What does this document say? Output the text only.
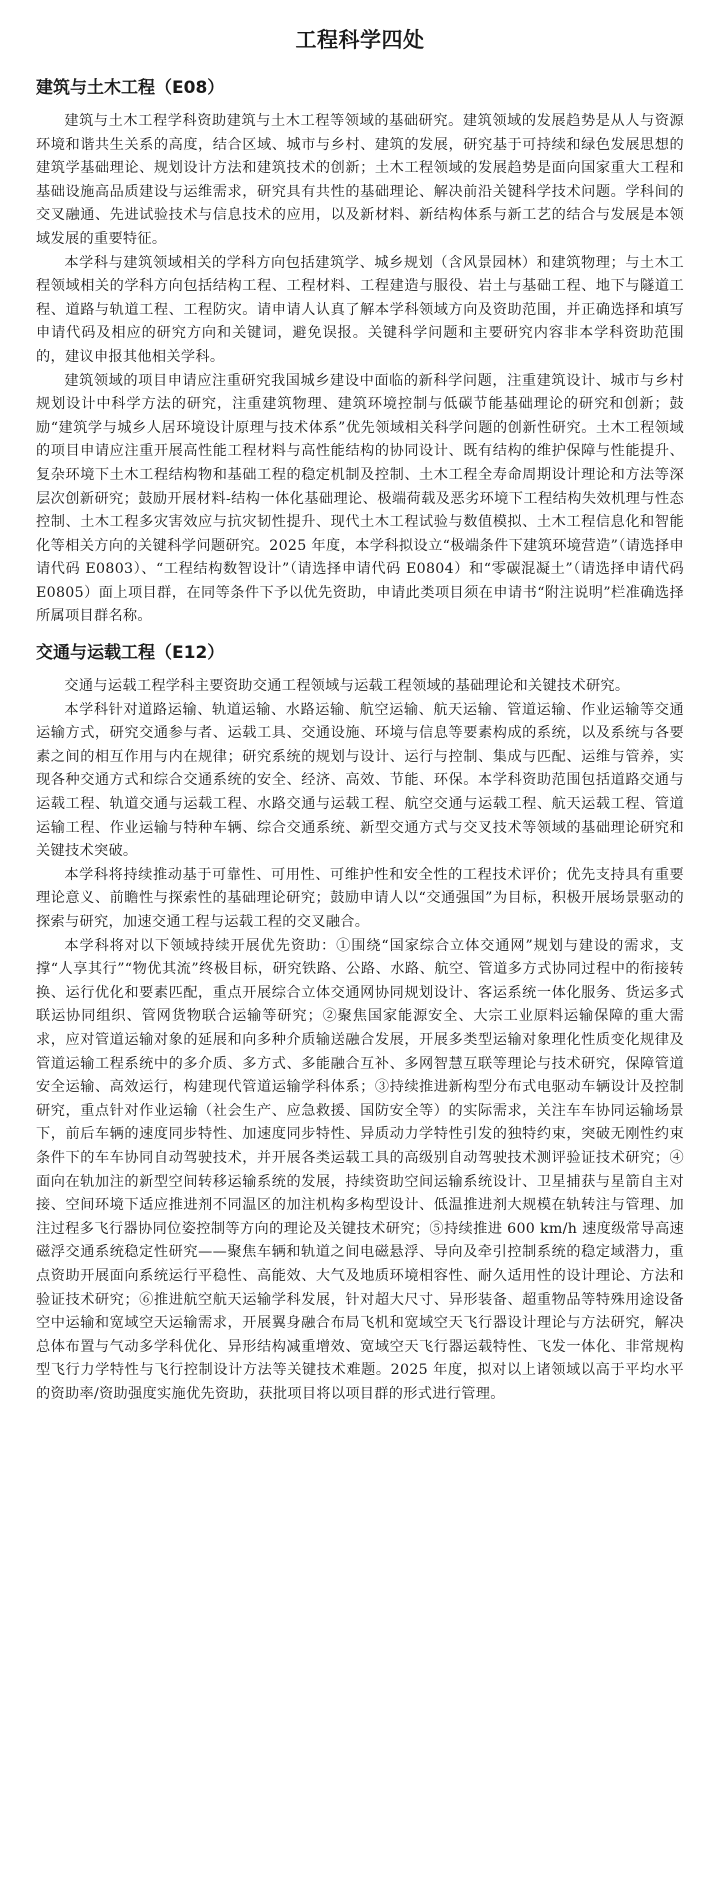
工程科学四处
建筑与土木工程（E08）

建筑与土木工程学科资助建筑与土木工程等领域的基础研究。建筑领域的发展趋势是从人与资源环境和谐共生关系的高度，结合区域、城市与乡村、建筑的发展，研究基于可持续和绿色发展思想的建筑学基础理论、规划设计方法和建筑技术的创新；土木工程领域的发展趋势是面向国家重大工程和基础设施高品质建设与运维需求，研究具有共性的基础理论、解决前沿关键科学技术问题。学科间的交叉融通、先进试验技术与信息技术的应用，以及新材料、新结构体系与新工艺的结合与发展是本领域发展的重要特征。

本学科与建筑领域相关的学科方向包括建筑学、城乡规划（含风景园林）和建筑物理；与土木工程领域相关的学科方向包括结构工程、工程材料、工程建造与服役、岩土与基础工程、地下与隧道工程、道路与轨道工程、工程防灾。请申请人认真了解本学科领域方向及资助范围，并正确选择和填写申请代码及相应的研究方向和关键词，避免误报。关键科学问题和主要研究内容非本学科资助范围的，建议申报其他相关学科。

建筑领域的项目申请应注重研究我国城乡建设中面临的新科学问题，注重建筑设计、城市与乡村规划设计中科学方法的研究，注重建筑物理、建筑环境控制与低碳节能基础理论的研究和创新；鼓励“建筑学与城乡人居环境设计原理与技术体系”优先领域相关科学问题的创新性研究。土木工程领域的项目申请应注重开展高性能工程材料与高性能结构的协同设计、既有结构的维护保障与性能提升、复杂环境下土木工程结构物和基础工程的稳定机制及控制、土木工程全寿命周期设计理论和方法等深层次创新研究；鼓励开展材料-结构一体化基础理论、极端荷载及恶劣环境下工程结构失效机理与性态控制、土木工程多灾害效应与抗灾韧性提升、现代土木工程试验与数值模拟、土木工程信息化和智能化等相关方向的关键科学问题研究。2025 年度，本学科拟设立“极端条件下建筑环境营造”（请选择申请代码 E0803）、“工程结构数智设计”（请选择申请代码 E0804）和“零碳混凝土”（请选择申请代码 E0805）面上项目群，在同等条件下予以优先资助，申请此类项目须在申请书“附注说明”栏准确选择所属项目群名称。

交通与运载工程（E12）

交通与运载工程学科主要资助交通工程领域与运载工程领域的基础理论和关键技术研究。

本学科针对道路运输、轨道运输、水路运输、航空运输、航天运输、管道运输、作业运输等交通运输方式，研究交通参与者、运载工具、交通设施、环境与信息等要素构成的系统，以及系统与各要素之间的相互作用与内在规律；研究系统的规划与设计、运行与控制、集成与匹配、运维与管养，实现各种交通方式和综合交通系统的安全、经济、高效、节能、环保。本学科资助范围包括道路交通与运载工程、轨道交通与运载工程、水路交通与运载工程、航空交通与运载工程、航天运载工程、管道运输工程、作业运输与特种车辆、综合交通系统、新型交通方式与交叉技术等领域的基础理论研究和关键技术突破。

本学科将持续推动基于可靠性、可用性、可维护性和安全性的工程技术评价；优先支持具有重要理论意义、前瞻性与探索性的基础理论研究；鼓励申请人以“交通强国”为目标，积极开展场景驱动的探索与研究，加速交通工程与运载工程的交叉融合。

本学科将对以下领域持续开展优先资助：①围绕“国家综合立体交通网”规划与建设的需求，支撑“人享其行”“物优其流”终极目标，研究铁路、公路、水路、航空、管道多方式协同过程中的衔接转换、运行优化和要素匹配，重点开展综合立体交通网协同规划设计、客运系统一体化服务、货运多式联运协同组织、管网货物联合运输等研究；②聚焦国家能源安全、大宗工业原料运输保障的重大需求，应对管道运输对象的延展和向多种介质输送融合发展，开展多类型运输对象理化性质变化规律及管道运输工程系统中的多介质、多方式、多能融合互补、多网智慧互联等理论与技术研究，保障管道安全运输、高效运行，构建现代管道运输学科体系；③持续推进新构型分布式电驱动车辆设计及控制研究，重点针对作业运输（社会生产、应急救援、国防安全等）的实际需求，关注车车协同运输场景下，前后车辆的速度同步特性、加速度同步特性、异质动力学特性引发的独特约束，突破无刚性约束条件下的车车协同自动驾驶技术，并开展各类运载工具的高级别自动驾驶技术测评验证技术研究；④面向在轨加注的新型空间转移运输系统的发展，持续资助空间运输系统设计、卫星捕获与星箭自主对接、空间环境下适应推进剂不同温区的加注机构多构型设计、低温推进剂大规模在轨转注与管理、加注过程多飞行器协同位姿控制等方向的理论及关键技术研究；⑤持续推进 600 km/h 速度级常导高速磁浮交通系统稳定性研究——聚焦车辆和轨道之间电磁悬浮、导向及牵引控制系统的稳定域潜力，重点资助开展面向系统运行平稳性、高能效、大气及地质环境相容性、耐久适用性的设计理论、方法和验证技术研究；⑥推进航空航天运输学科发展，针对超大尺寸、异形装备、超重物品等特殊用途设备空中运输和宽域空天运输需求，开展翼身融合布局飞机和宽域空天飞行器设计理论与方法研究，解决总体布置与气动多学科优化、异形结构减重增效、宽域空天飞行器运载特性、飞发一体化、非常规构型飞行力学特性与飞行控制设计方法等关键技术难题。2025 年度，拟对以上诸领域以高于平均水平的资助率/资助强度实施优先资助，获批项目将以项目群的形式进行管理。
